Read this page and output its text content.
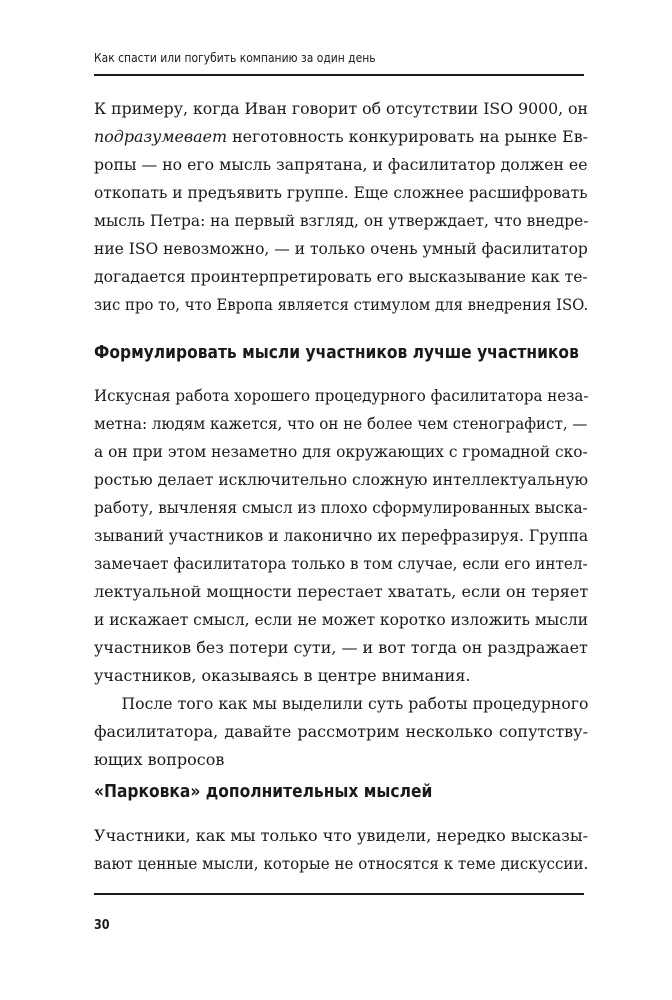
Как спасти или погубить компанию за один день
К примеру, когда Иван говорит об отсутствии ISO 9000, он
подразумевает неготовность конкурировать на рынке Ев-
ропы — но его мысль запрятана, и фасилитатор должен ее
откопать и предъявить группе. Еще сложнее расшифровать
мысль Петра: на первый взгляд, он утверждает, что внедре-
ние ISO невозможно, — и только очень умный фасилитатор
догадается проинтерпретировать его высказывание как те-
зис про то, что Европа является стимулом для внедрения ISO.
Формулировать мысли участников лучше участников
Искусная работа хорошего процедурного фасилитатора неза-
метна: людям кажется, что он не более чем стенографист, —
а он при этом незаметно для окружающих с громадной ско-
ростью делает исключительно сложную интеллектуальную
работу, вычленяя смысл из плохо сформулированных выска-
зываний участников и лаконично их перефразируя. Группа
замечает фасилитатора только в том случае, если его интел-
лектуальной мощности перестает хватать, если он теряет
и искажает смысл, если не может коротко изложить мысли
участников без потери сути, — и вот тогда он раздражает
участников, оказываясь в центре внимания.
После того как мы выделили суть работы процедурного
фасилитатора, давайте рассмотрим несколько сопутству-
ющих вопросов
«Парковка» дополнительных мыслей
Участники, как мы только что увидели, нередко высказы-
вают ценные мысли, которые не относятся к теме дискуссии.
30
